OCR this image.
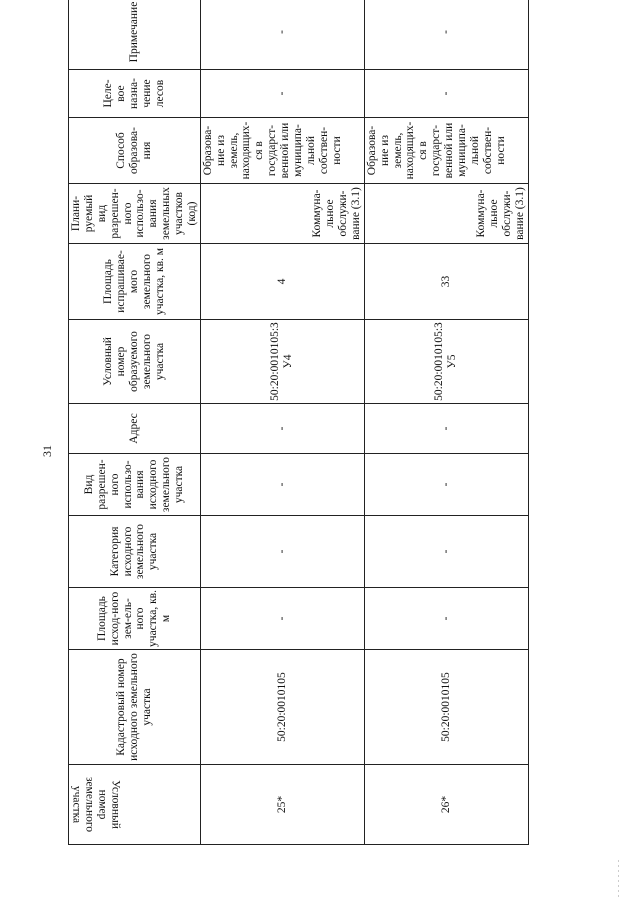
31
Условный номер земельного участка	Кадастровый номер исходного земельного участка	Площадь исход-ного зем-ель-ного участка, кв. м	Категория исходного земельного участка	Вид разрешен-ного использо-вания исходного земельного участка	Адрес	Условный номер образуемого земельного участка	Площадь испрашивае-мого земельного участка, кв. м	Плани-руемый вид разрешен-ного использо-вания земельных участков (код)	Способ образова-ния	Целе-вое назна-чение лесов	Примечание
25*	50:20:0010105	-	-	-	-	50:20:0010105:ЗУ4	4	Коммуна-льное обслужи-вание (3.1)	Образова-ние из земель, находящих-ся в государст-венной или муниципа-льной собствен-ности	-	-
26*	50:20:0010105	-	-	-	-	50:20:0010105:ЗУ5	33	Коммуна-льное обслужи-вание (3.1)	Образова-ние из земель, находящих-ся в государст-венной или муниципа-льной собствен-ности	-	-
